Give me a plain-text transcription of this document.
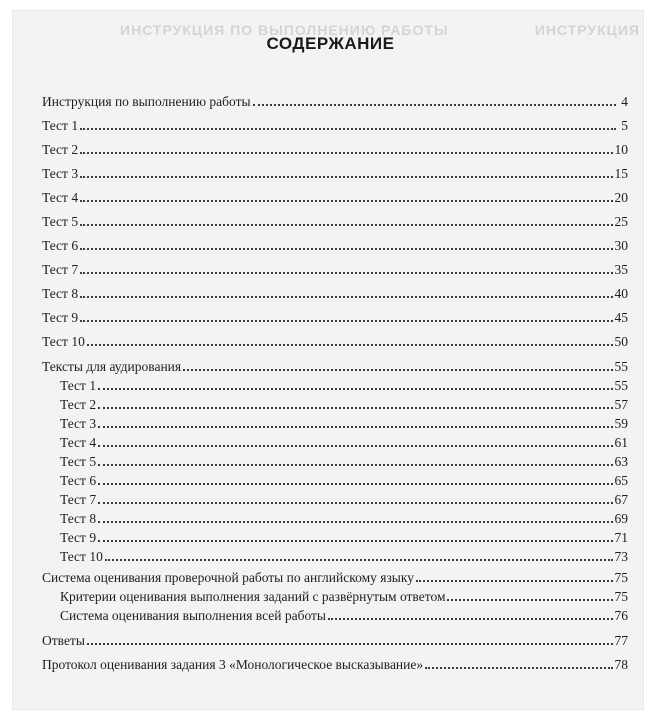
ИНСТРУКЦИЯ ПО ВЫПОЛНЕНИЮ РАБОТЫ	ИНСТРУКЦИЯ
СОДЕРЖАНИЕ
Инструкция по выполнению работы	4
Тест 1	5
Тест 2	10
Тест 3	15
Тест 4	20
Тест 5	25
Тест 6	30
Тест 7	35
Тест 8	40
Тест 9	45
Тест 10	50
Тексты для аудирования	55
Тест 1	55
Тест 2	57
Тест 3	59
Тест 4	61
Тест 5	63
Тест 6	65
Тест 7	67
Тест 8	69
Тест 9	71
Тест 10	73
Система оценивания проверочной работы по английскому языку	75
Критерии оценивания выполнения заданий с развёрнутым ответом	75
Система оценивания выполнения всей работы	76
Ответы	77
Протокол оценивания задания 3 «Монологическое высказывание»	78
